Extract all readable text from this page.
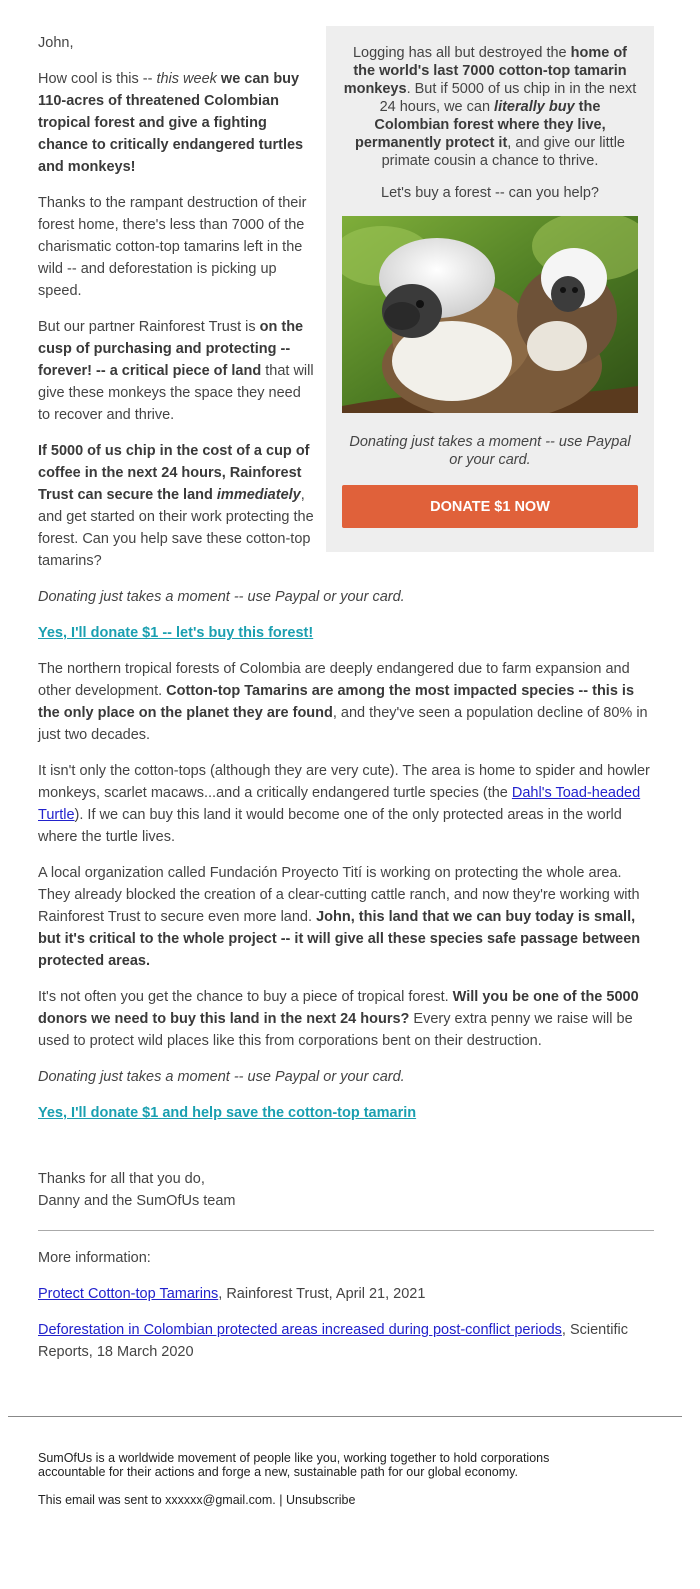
Logging has all but destroyed the home of the world's last 7000 cotton-top tamarin monkeys. But if 5000 of us chip in in the next 24 hours, we can literally buy the Colombian forest where they live, permanently protect it, and give our little primate cousin a chance to thrive.

Let's buy a forest -- can you help?

Donating just takes a moment -- use Paypal or your card.

DONATE $1 NOW

John,

How cool is this -- this week we can buy 110-acres of threatened Colombian tropical forest and give a fighting chance to critically endangered turtles and monkeys!

Thanks to the rampant destruction of their forest home, there's less than 7000 of the charismatic cotton-top tamarins left in the wild -- and deforestation is picking up speed.

But our partner Rainforest Trust is on the cusp of purchasing and protecting -- forever! -- a critical piece of land that will give these monkeys the space they need to recover and thrive.

If 5000 of us chip in the cost of a cup of coffee in the next 24 hours, Rainforest Trust can secure the land immediately, and get started on their work protecting the forest. Can you help save these cotton-top tamarins?

Donating just takes a moment -- use Paypal or your card.

Yes, I'll donate $1 -- let's buy this forest!

The northern tropical forests of Colombia are deeply endangered due to farm expansion and other development. Cotton-top Tamarins are among the most impacted species -- this is the only place on the planet they are found, and they've seen a population decline of 80% in just two decades.

It isn't only the cotton-tops (although they are very cute). The area is home to spider and howler monkeys, scarlet macaws...and a critically endangered turtle species (the Dahl's Toad-headed Turtle). If we can buy this land it would become one of the only protected areas in the world where the turtle lives.

A local organization called Fundación Proyecto Tití is working on protecting the whole area. They already blocked the creation of a clear-cutting cattle ranch, and now they're working with Rainforest Trust to secure even more land. John, this land that we can buy today is small, but it's critical to the whole project -- it will give all these species safe passage between protected areas.

It's not often you get the chance to buy a piece of tropical forest. Will you be one of the 5000 donors we need to buy this land in the next 24 hours? Every extra penny we raise will be used to protect wild places like this from corporations bent on their destruction.

Donating just takes a moment -- use Paypal or your card.

Yes, I'll donate $1 and help save the cotton-top tamarin

Thanks for all that you do,
Danny and the SumOfUs team

More information:

Protect Cotton-top Tamarins, Rainforest Trust, April 21, 2021

Deforestation in Colombian protected areas increased during post-conflict periods, Scientific Reports, 18 March 2020

SumOfUs is a worldwide movement of people like you, working together to hold corporations accountable for their actions and forge a new, sustainable path for our global economy.

This email was sent to xxxxxx@gmail.com. | Unsubscribe
